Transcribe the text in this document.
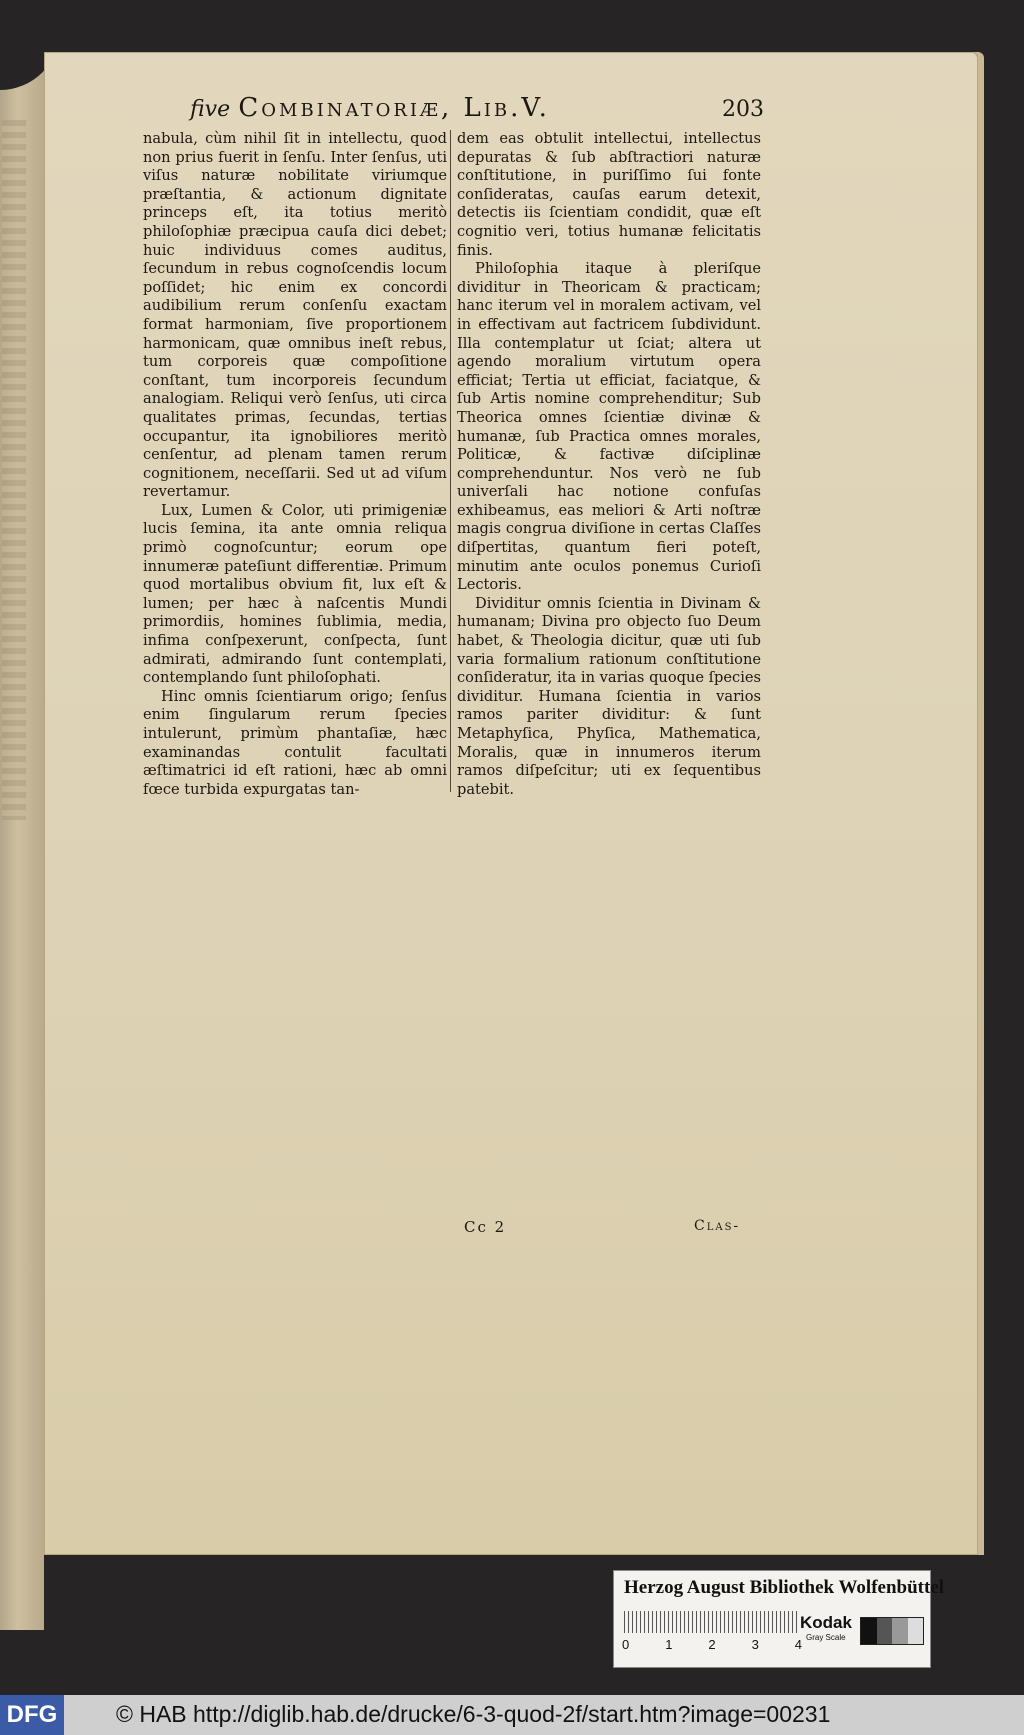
five Combinatoriæ, Lib.V.	203

nabula, cùm nihil ſit in intellectu, quod non prius fuerit in ſenſu. Inter ſenſus, uti viſus naturæ nobilitate viriumque præſtantia, & actionum dignitate princeps eſt, ita totius meritò philoſophiæ præcipua cauſa dici debet; huic individuus comes auditus, ſecundum in rebus cognoſcendis locum poſſidet; hic enim ex concordi audibilium rerum conſenſu exactam format harmoniam, ſive proportionem harmonicam, quæ omnibus ineſt rebus, tum corporeis quæ compoſitione conſtant, tum incorporeis ſecundum analogiam. Reliqui verò ſenſus, uti circa qualitates primas, ſecundas, tertias occupantur, ita ignobiliores meritò cenſentur, ad plenam tamen rerum cognitionem, neceſſarii. Sed ut ad viſum revertamur.

Lux, Lumen & Color, uti primigeniæ lucis ſemina, ita ante omnia reliqua primò cognoſcuntur; eorum ope innumeræ pateſiunt differentiæ. Primum quod mortalibus obvium fit, lux eſt & lumen; per hæc à naſcentis Mundi primordiis, homines ſublimia, media, infima conſpexerunt, conſpecta, ſunt admirati, admirando ſunt contemplati, contemplando ſunt philoſophati.

Hinc omnis ſcientiarum origo; ſenſus enim ſingularum rerum ſpecies intulerunt, primùm phantaſiæ, hæc examinandas contulit facultati æſtimatrici id eſt rationi, hæc ab omni fœce turbida expurgatas tan-

dem eas obtulit intellectui, intellectus depuratas & ſub abſtractiori naturæ conſtitutione, in puriſſimo ſui fonte conſideratas, cauſas earum detexit, detectis iis ſcientiam condidit, quæ eſt cognitio veri, totius humanæ felicitatis finis.

Philoſophia itaque à pleriſque dividitur in Theoricam & practicam; hanc iterum vel in moralem activam, vel in effectivam aut factricem ſubdividunt. Illa contemplatur ut ſciat; altera ut agendo moralium virtutum opera efficiat; Tertia ut efficiat, faciatque, & ſub Artis nomine comprehenditur; Sub Theorica omnes ſcientiæ divinæ & humanæ, ſub Practica omnes morales, Politicæ, & factivæ diſciplinæ comprehenduntur. Nos verò ne ſub univerſali hac notione confuſas exhibeamus, eas meliori & Arti noſtræ magis congrua diviſione in certas Claſſes diſpertitas, quantum fieri poteſt, minutim ante oculos ponemus Curioſi Lectoris.

Dividitur omnis ſcientia in Divinam & humanam; Divina pro objecto ſuo Deum habet, & Theologia dicitur, quæ uti ſub varia formalium rationum conſtitutione conſideratur, ita in varias quoque ſpecies dividitur. Humana ſcientia in varios ramos pariter dividitur: & ſunt Metaphyſica, Phyſica, Mathematica, Moralis, quæ in innumeros iterum ramos diſpeſcitur; uti ex ſequentibus patebit.

Cc 2	Clas-
Herzog August Bibliothek Wolfenbüttel
0	1	2	3	4
Kodak
Gray Scale
DFG	© HAB http://diglib.hab.de/drucke/6-3-quod-2f/start.htm?image=00231
